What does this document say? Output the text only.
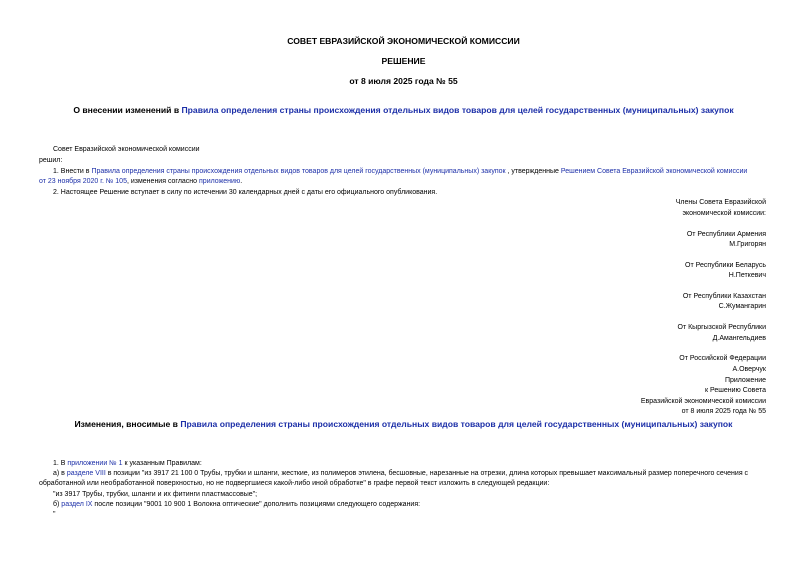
СОВЕТ ЕВРАЗИЙСКОЙ ЭКОНОМИЧЕСКОЙ КОМИССИИ
РЕШЕНИЕ
от 8 июля 2025 года № 55
О внесении изменений в Правила определения страны происхождения отдельных видов товаров для целей государственных (муниципальных) закупок
Совет Евразийской экономической комиссии
решил:
1. Внести в Правила определения страны происхождения отдельных видов товаров для целей государственных (муниципальных) закупок , утвержденные Решением Совета Евразийской экономической комиссии
от 23 ноября 2020 г. № 105, изменения согласно приложению.
2. Настоящее Решение вступает в силу по истечении 30 календарных дней с даты его официального опубликования.
Члены Совета Евразийской
экономической комиссии:
От Республики Армения
М.Григорян
От Республики Беларусь
Н.Петкевич
От Республики Казахстан
С.Жумангарин
От Кыргызской Республики
Д.Амангельдиев
От Российской Федерации
А.Оверчук
Приложение
к Решению Совета
Евразийской экономической комиссии
от 8 июля 2025 года № 55
Изменения, вносимые в Правила определения страны происхождения отдельных видов товаров для целей государственных (муниципальных) закупок
1. В приложении № 1 к указанным Правилам:
а) в разделе VIII в позиции "из 3917 21 100 0 Трубы, трубки и шланги, жесткие, из полимеров этилена, бесшовные, нарезанные на отрезки, длина которых превышает максимальный размер поперечного сечения с
обработанной или необработанной поверхностью, но не подвергшиеся какой-либо иной обработке" в графе первой текст изложить в следующей редакции:
"из 3917 Трубы, трубки, шланги и их фитинги пластмассовые";
б) раздел IX после позиции "9001 10 900 1 Волокна оптические" дополнить позициями следующего содержания:
"
